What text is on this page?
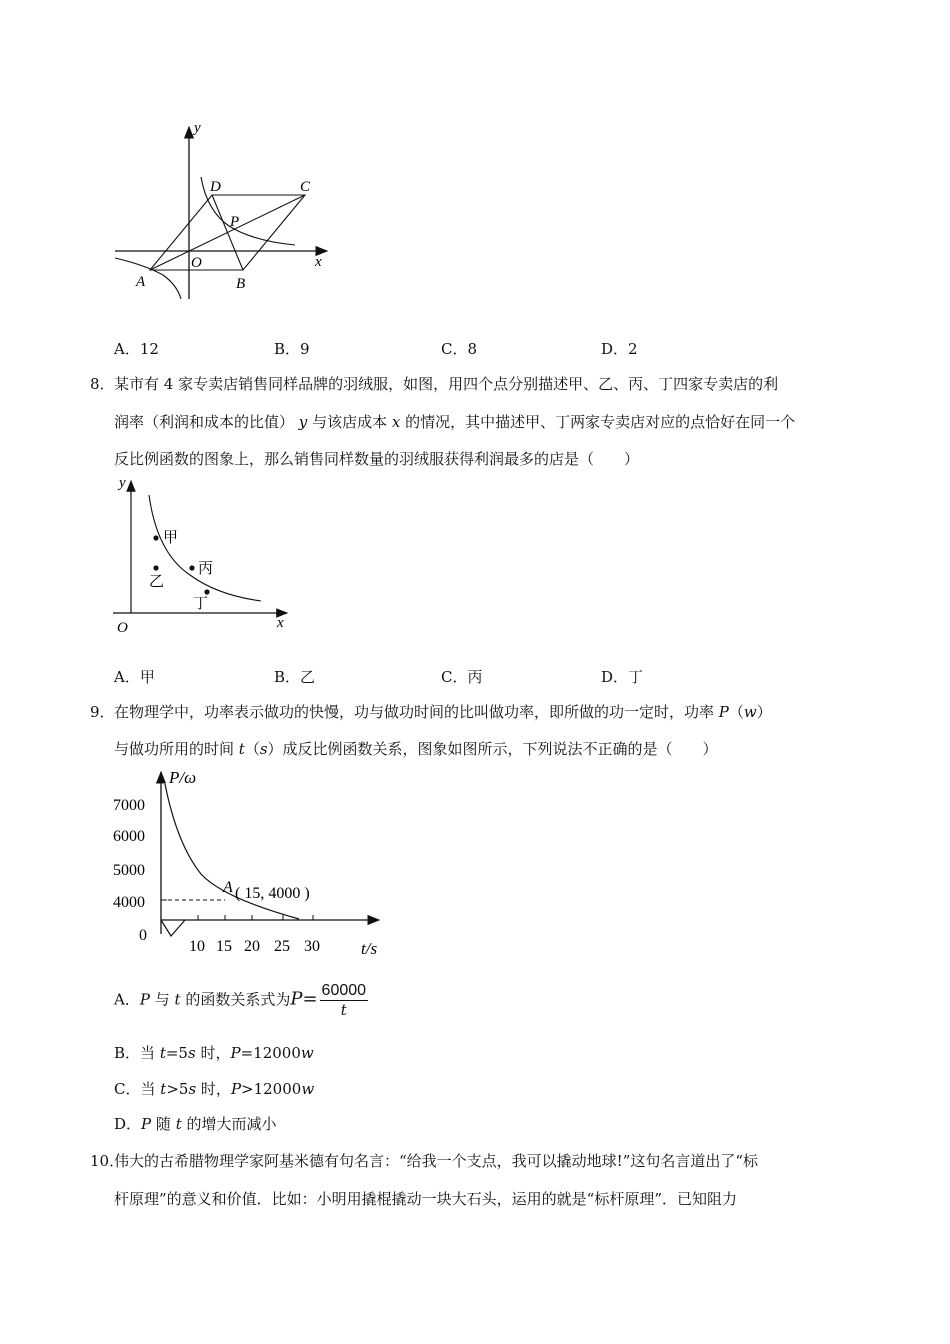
y
x
O
A	B
C
D
P
A．12	B．9	C．8	D．2
8． 某市有 4 家专卖店销售同样品牌的羽绒服，如图，用四个点分别描述甲、乙、丙、丁四家专卖店的利
润率（利润和成本的比值） y 与该店成本 x 的情况，其中描述甲、丁两家专卖店对应的点恰好在同一个
反比例函数的图象上，那么销售同样数量的羽绒服获得利润最多的店是（　　）
y
x
O
甲
乙
丙
丁
A．甲	B．乙	C．丙	D．丁
9． 在物理学中，功率表示做功的快慢，功与做功时间的比叫做功率，即所做的功一定时，功率 P（w）
与做功所用的时间 t（s）成反比例函数关系，图象如图所示，下列说法不正确的是（　　）
P/ω
t/s
7000
6000
5000
4000
0
10 15 20 25 30
A ( 15, 4000 )
A．P 与 t 的函数关系式为$P= \frac{60000}{t}$
B．当 t=5s 时，P=12000w
C．当 t>5s 时，P>12000w
D．P 随 t 的增大而减小
10．
伟大的古希腊物理学家阿基米德有句名言：“给我一个支点，我可以撬动地球!”这句名言道出了“标
杆原理”的意义和价值．比如：小明用撬棍撬动一块大石头，运用的就是“标杆原理”．已知阻力
